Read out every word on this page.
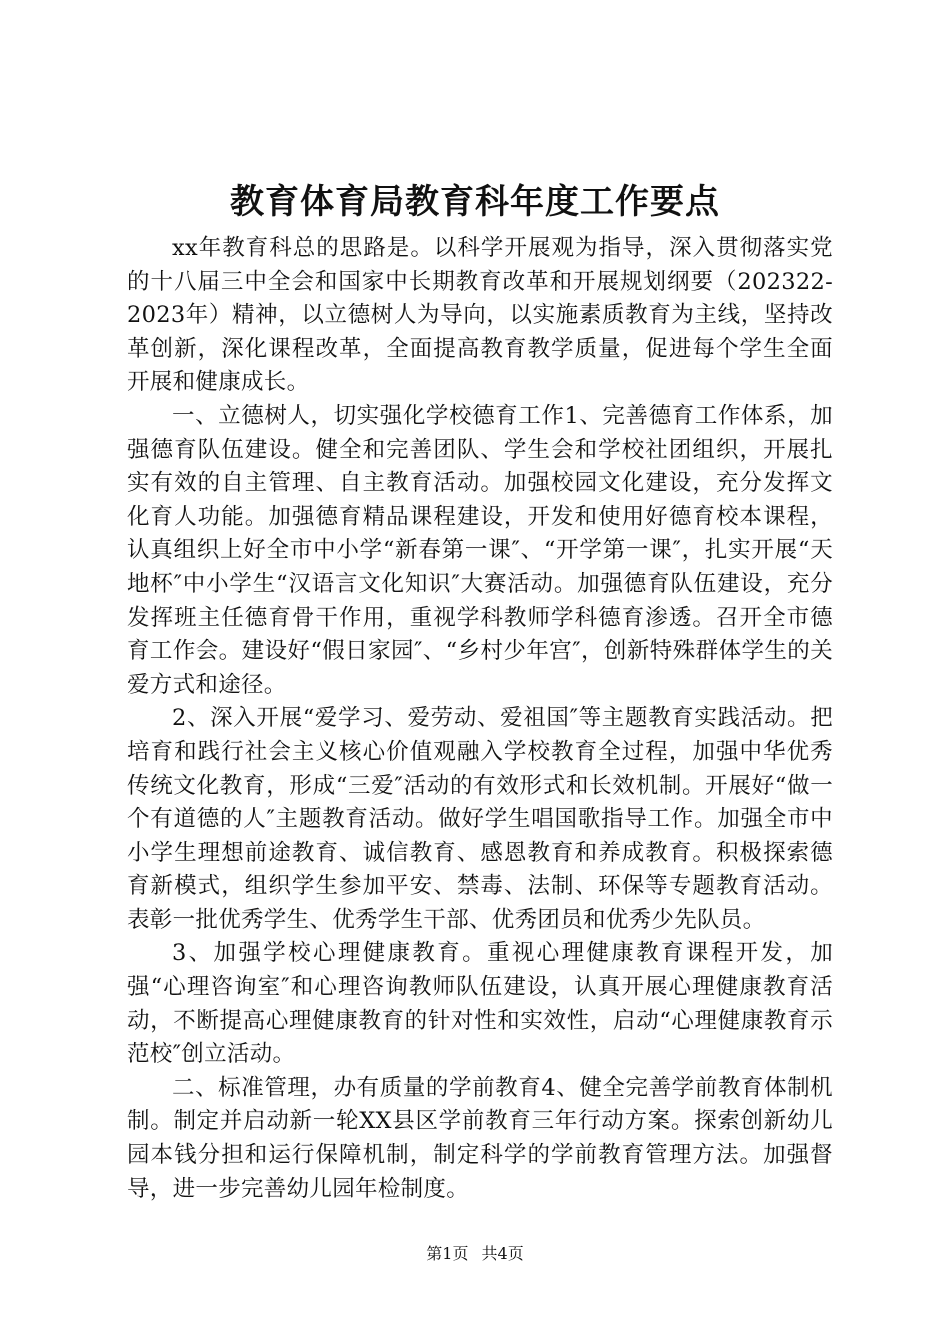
教育体育局教育科年度工作要点

xx年教育科总的思路是。以科学开展观为指导，深入贯彻落实党的十八届三中全会和国家中长期教育改革和开展规划纲要（202322-2023年）精神，以立德树人为导向，以实施素质教育为主线，坚持改革创新，深化课程改革，全面提高教育教学质量，促进每个学生全面开展和健康成长。

一、立德树人，切实强化学校德育工作1、完善德育工作体系，加强德育队伍建设。健全和完善团队、学生会和学校社团组织，开展扎实有效的自主管理、自主教育活动。加强校园文化建设，充分发挥文化育人功能。加强德育精品课程建设，开发和使用好德育校本课程，认真组织上好全市中小学“新春第一课″、“开学第一课″，扎实开展“天地杯″中小学生“汉语言文化知识″大赛活动。加强德育队伍建设，充分发挥班主任德育骨干作用，重视学科教师学科德育渗透。召开全市德育工作会。建设好“假日家园″、“乡村少年宫″，创新特殊群体学生的关爱方式和途径。

2、深入开展“爱学习、爱劳动、爱祖国″等主题教育实践活动。把培育和践行社会主义核心价值观融入学校教育全过程，加强中华优秀传统文化教育，形成“三爱″活动的有效形式和长效机制。开展好“做一个有道德的人″主题教育活动。做好学生唱国歌指导工作。加强全市中小学生理想前途教育、诚信教育、感恩教育和养成教育。积极探索德育新模式，组织学生参加平安、禁毒、法制、环保等专题教育活动。表彰一批优秀学生、优秀学生干部、优秀团员和优秀少先队员。

3、加强学校心理健康教育。重视心理健康教育课程开发，加强“心理咨询室″和心理咨询教师队伍建设，认真开展心理健康教育活动，不断提高心理健康教育的针对性和实效性，启动“心理健康教育示范校″创立活动。

二、标准管理，办有质量的学前教育4、健全完善学前教育体制机制。制定并启动新一轮XX县区学前教育三年行动方案。探索创新幼儿园本钱分担和运行保障机制，制定科学的学前教育管理方法。加强督导，进一步完善幼儿园年检制度。

第1页 共4页
